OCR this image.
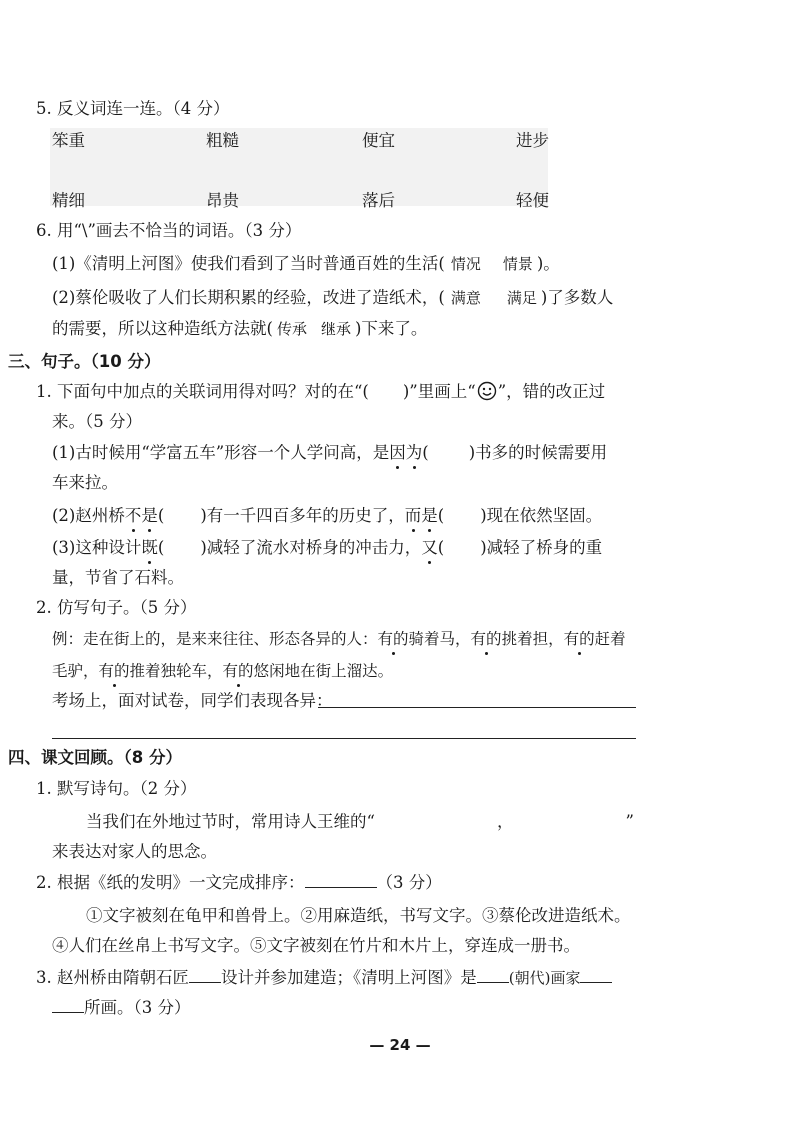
5. 反义词连一连。（4 分）
笨重	粗糙	便宜	进步
精细	昂贵	落后	轻便
6. 用“\”画去不恰当的词语。（3 分）
(1)《清明上河图》使我们看到了当时普通百姓的生活( 情况 情景 )。
(2)蔡伦吸收了人们长期积累的经验，改进了造纸术，( 满意 满足 )了多数人
的需要，所以这种造纸方法就( 传承 继承 )下来了。
三、句子。（10 分）
1. 下面句中加点的关联词用得对吗？对的在“( )”里画上“ ”，错的改正过
来。（5 分）
(1)古时候用“学富五车”形容一个人学问高，是因为( )书多的时候需要用
车来拉。
(2)赵州桥不是( )有一千四百多年的历史了，而是( )现在依然坚固。
(3)这种设计既( )减轻了流水对桥身的冲击力，又( )减轻了桥身的重
量，节省了石料。
2. 仿写句子。（5 分）
例：走在街上的，是来来往往、形态各异的人：有的骑着马，有的挑着担，有的赶着
毛驴，有的推着独轮车，有的悠闲地在街上溜达。
考场上，面对试卷，同学们表现各异：
四、课文回顾。（8 分）
1. 默写诗句。（2 分）
当我们在外地过节时，常用诗人王维的“	，	”
来表达对家人的思念。
2. 根据《纸的发明》一文完成排序：	（3 分）
①文字被刻在龟甲和兽骨上。②用麻造纸，书写文字。③蔡伦改进造纸术。
④人们在丝帛上书写文字。⑤文字被刻在竹片和木片上，穿连成一册书。
3. 赵州桥由隋朝石匠 设计并参加建造；《清明上河图》是 (朝代)画家
所画。（3 分）
— 24 —
